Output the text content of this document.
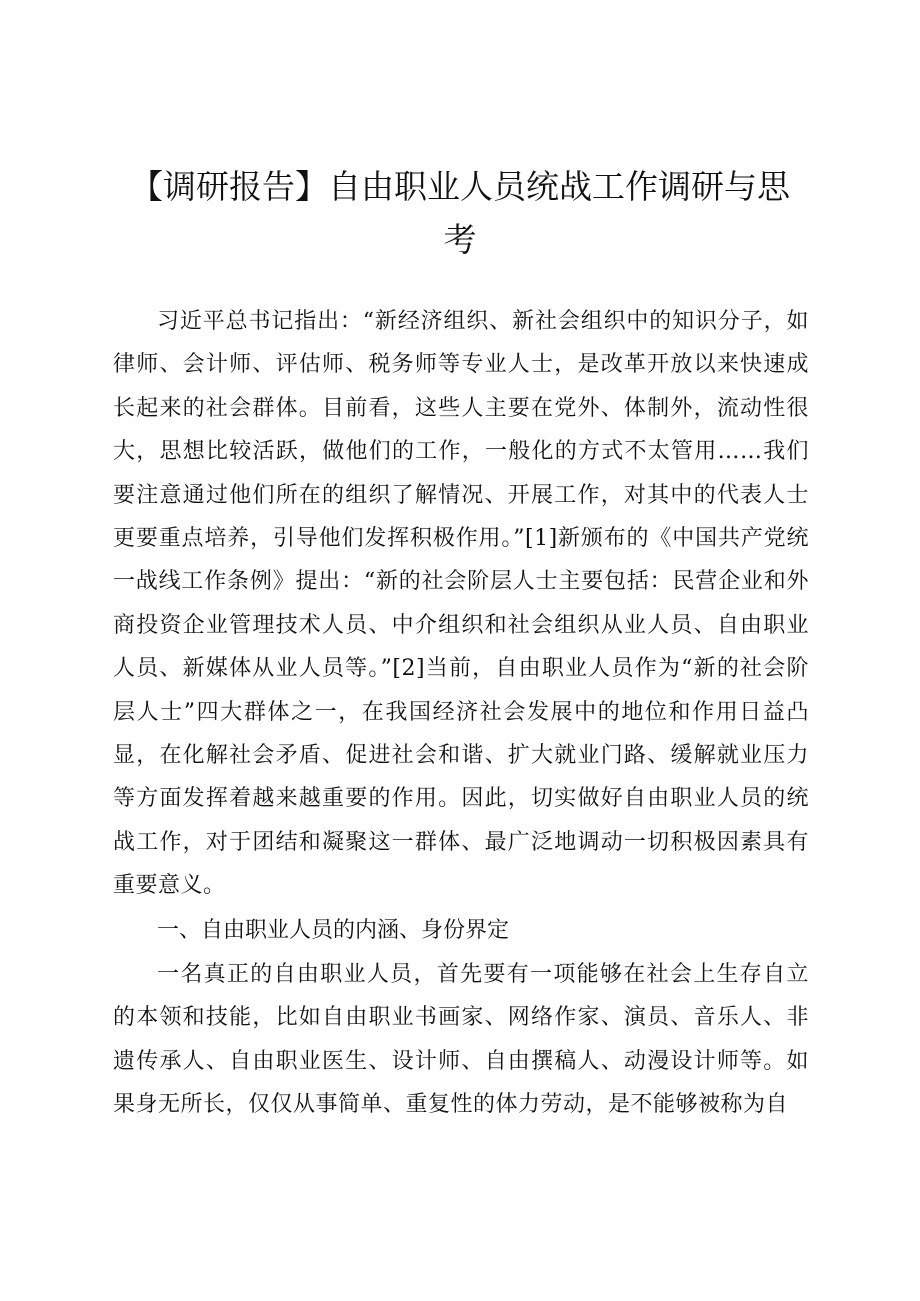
【调研报告】自由职业人员统战工作调研与思
考

习近平总书记指出：“新经济组织、新社会组织中的知识分子，如律师、会计师、评估师、税务师等专业人士，是改革开放以来快速成长起来的社会群体。目前看，这些人主要在党外、体制外，流动性很大，思想比较活跃，做他们的工作，一般化的方式不太管用……我们要注意通过他们所在的组织了解情况、开展工作，对其中的代表人士更要重点培养，引导他们发挥积极作用。”[1]新颁布的《中国共产党统一战线工作条例》提出：“新的社会阶层人士主要包括：民营企业和外商投资企业管理技术人员、中介组织和社会组织从业人员、自由职业人员、新媒体从业人员等。”[2]当前，自由职业人员作为“新的社会阶层人士”四大群体之一，在我国经济社会发展中的地位和作用日益凸显，在化解社会矛盾、促进社会和谐、扩大就业门路、缓解就业压力等方面发挥着越来越重要的作用。因此，切实做好自由职业人员的统战工作，对于团结和凝聚这一群体、最广泛地调动一切积极因素具有重要意义。

一、自由职业人员的内涵、身份界定

一名真正的自由职业人员，首先要有一项能够在社会上生存自立的本领和技能，比如自由职业书画家、网络作家、演员、音乐人、非遗传承人、自由职业医生、设计师、自由撰稿人、动漫设计师等。如果身无所长，仅仅从事简单、重复性的体力劳动，是不能够被称为自
